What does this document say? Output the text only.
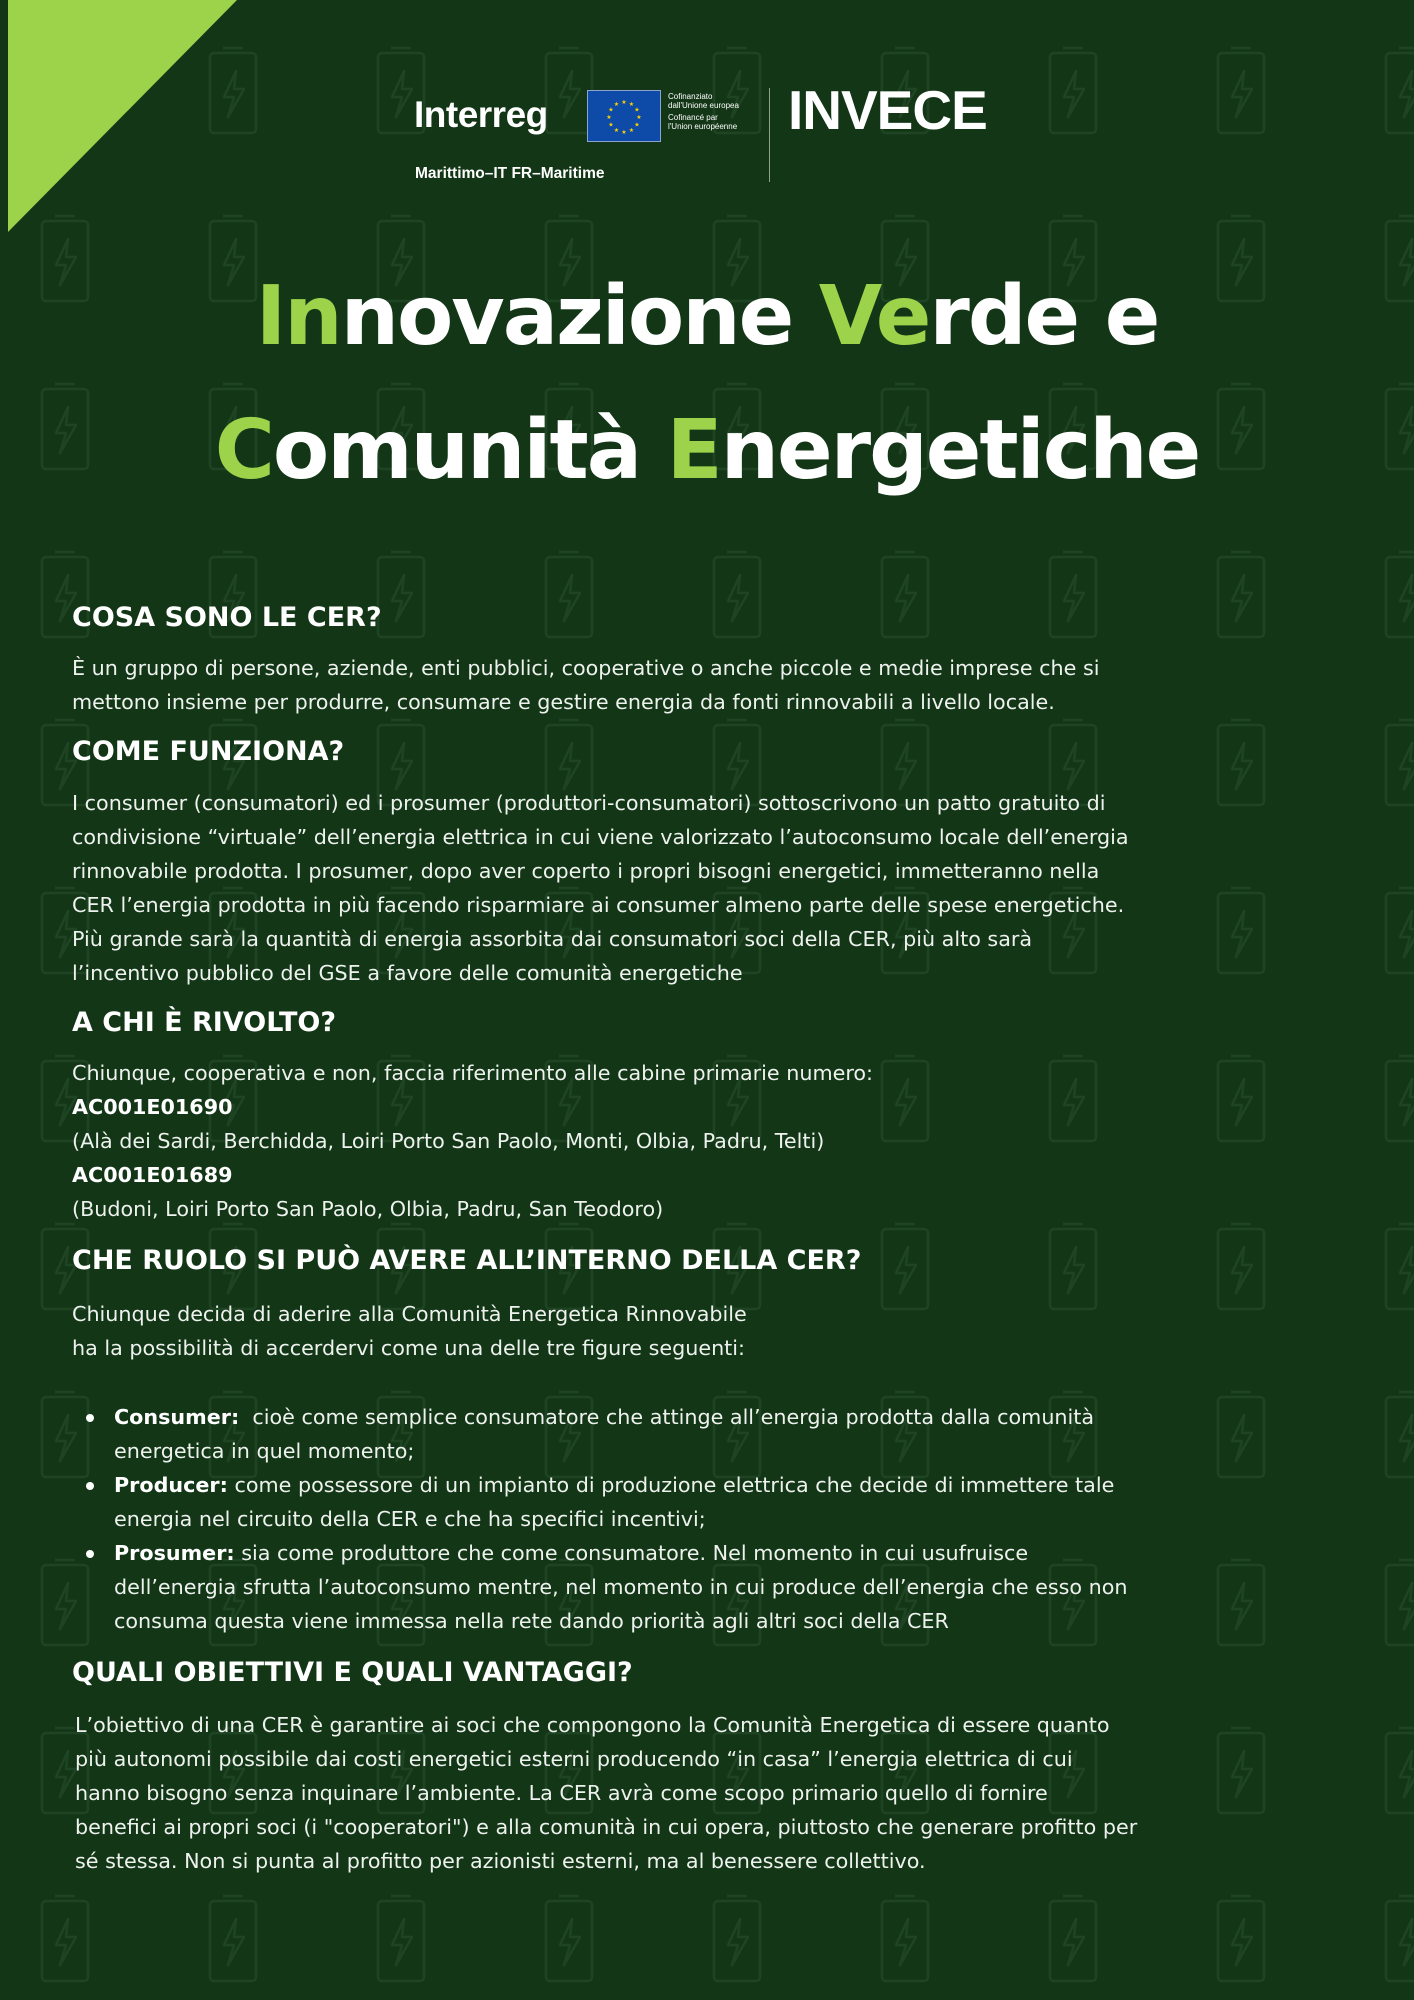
Interreg	★
★
★
★
★
★
★
★
★ ★ ★
★
Cofinanziato
dall'Unione europea
Cofinancé par
l'Union européenne
Marittimo–IT FR–Maritime
INVECE
Innovazione Verde e
Comunità Energetiche
COSA SONO LE CER?
È un gruppo di persone, aziende, enti pubblici, cooperative o anche piccole e medie imprese che si
mettono insieme per produrre, consumare e gestire energia da fonti rinnovabili a livello locale.
COME FUNZIONA?
I consumer (consumatori) ed i prosumer (produttori-consumatori) sottoscrivono un patto gratuito di
condivisione “virtuale” dell’energia elettrica in cui viene valorizzato l’autoconsumo locale dell’energia
rinnovabile prodotta. I prosumer, dopo aver coperto i propri bisogni energetici, immetteranno nella
CER l’energia prodotta in più facendo risparmiare ai consumer almeno parte delle spese energetiche.
Più grande sarà la quantità di energia assorbita dai consumatori soci della CER, più alto sarà
l’incentivo pubblico del GSE a favore delle comunità energetiche
A CHI È RIVOLTO?
Chiunque, cooperativa e non, faccia riferimento alle cabine primarie numero:
AC001E01690
(Alà dei Sardi, Berchidda, Loiri Porto San Paolo, Monti, Olbia, Padru, Telti)
AC001E01689
(Budoni, Loiri Porto San Paolo, Olbia, Padru, San Teodoro)
CHE RUOLO SI PUÒ AVERE ALL’INTERNO DELLA CER?
Chiunque decida di aderire alla Comunità Energetica Rinnovabile
ha la possibilità di accerdervi come una delle tre figure seguenti:
Consumer:  cioè come semplice consumatore che attinge all’energia prodotta dalla comunità
energetica in quel momento;
Producer: come possessore di un impianto di produzione elettrica che decide di immettere tale
energia nel circuito della CER e che ha specifici incentivi;
Prosumer: sia come produttore che come consumatore. Nel momento in cui usufruisce
dell’energia sfrutta l’autoconsumo mentre, nel momento in cui produce dell’energia che esso non
consuma questa viene immessa nella rete dando priorità agli altri soci della CER
QUALI OBIETTIVI E QUALI VANTAGGI?
L’obiettivo di una CER è garantire ai soci che compongono la Comunità Energetica di essere quanto
più autonomi possibile dai costi energetici esterni producendo “in casa” l’energia elettrica di cui
hanno bisogno senza inquinare l’ambiente. La CER avrà come scopo primario quello di fornire
benefici ai propri soci (i "cooperatori") e alla comunità in cui opera, piuttosto che generare profitto per
sé stessa. Non si punta al profitto per azionisti esterni, ma al benessere collettivo.
